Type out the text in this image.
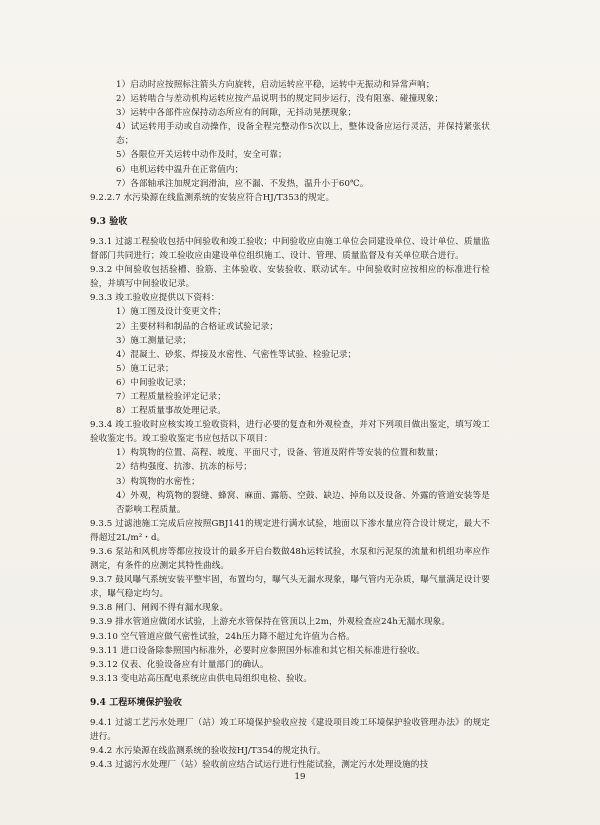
1）启动时应按照标注箭头方向旋转，启动运转应平稳，运转中无振动和异常声响；
2）运转啮合与差动机构运转应按产品说明书的规定同步运行，没有阻塞、碰撞现象；
3）运转中各部件应保持动态所应有的间隙，无抖动晃摆现象；
4）试运转用手动或自动操作，设备全程完整动作5次以上，整体设备应运行灵活，并保持紧张状态；
5）各限位开关运转中动作及时，安全可靠；
6）电机运转中温升在正常值内；
7）各部轴承注加规定润滑油，应不漏、不发热，温升小于60℃。
9.2.2.7 水污染源在线监测系统的安装应符合HJ/T353的规定。
9.3 验收
9.3.1 过滤工程验收包括中间验收和竣工验收；中间验收应由施工单位会同建设单位、设计单位、质量监督部门共同进行；竣工验收应由建设单位组织施工、设计、管理、质量监督及有关单位联合进行。
9.3.2 中间验收包括验槽、验筋、主体验收、安装验收、联动试车。中间验收时应按相应的标准进行检验，并填写中间验收记录。
9.3.3 竣工验收应提供以下资料：
1）施工图及设计变更文件；
2）主要材料和制品的合格证或试验记录；
3）施工测量记录；
4）混凝土、砂浆、焊接及水密性、气密性等试验、检验记录；
5）施工记录；
6）中间验收记录；
7）工程质量检验评定记录；
8）工程质量事故处理记录。
9.3.4 竣工验收时应核实竣工验收资料，进行必要的复查和外观检查，并对下列项目做出鉴定，填写竣工验收鉴定书。竣工验收鉴定书应包括以下项目：
1）构筑物的位置、高程、坡度、平面尺寸，设备、管道及附件等安装的位置和数量；
2）结构强度、抗渗、抗冻的标号；
3）构筑物的水密性；
4）外观，构筑物的裂缝、蜂窝、麻面、露筋、空鼓、缺边、掉角以及设备、外露的管道安装等是否影响工程质量。
9.3.5 过滤池施工完成后应按照GBJ141的规定进行满水试验，地面以下渗水量应符合设计规定，最大不得超过2L/m²・d。
9.3.6 泵站和风机房等都应按设计的最多开启台数做48h运转试验，水泵和污泥泵的流量和机组功率应作测定，有条件的应测定其特性曲线。
9.3.7 鼓风曝气系统安装平整牢固，布置均匀，曝气头无漏水现象，曝气管内无杂质，曝气量满足设计要求，曝气稳定均匀。
9.3.8 闸门、闸阀不得有漏水现象。
9.3.9 排水管道应做闭水试验，上游充水管保持在管顶以上2m，外观检查应24h无漏水现象。
9.3.10 空气管道应做气密性试验，24h压力降不超过允许值为合格。
9.3.11 进口设备除参照国内标准外，必要时应参照国外标准和其它相关标准进行验收。
9.3.12 仪表、化验设备应有计量部门的确认。
9.3.13 变电站高压配电系统应由供电局组织电检、验收。
9.4 工程环境保护验收
9.4.1 过滤工艺污水处理厂（站）竣工环境保护验收应按《建设项目竣工环境保护验收管理办法》的规定进行。
9.4.2 水污染源在线监测系统的验收按HJ/T354的规定执行。
9.4.3 过滤污水处理厂（站）验收前应结合试运行进行性能试验，测定污水处理设施的技
19
